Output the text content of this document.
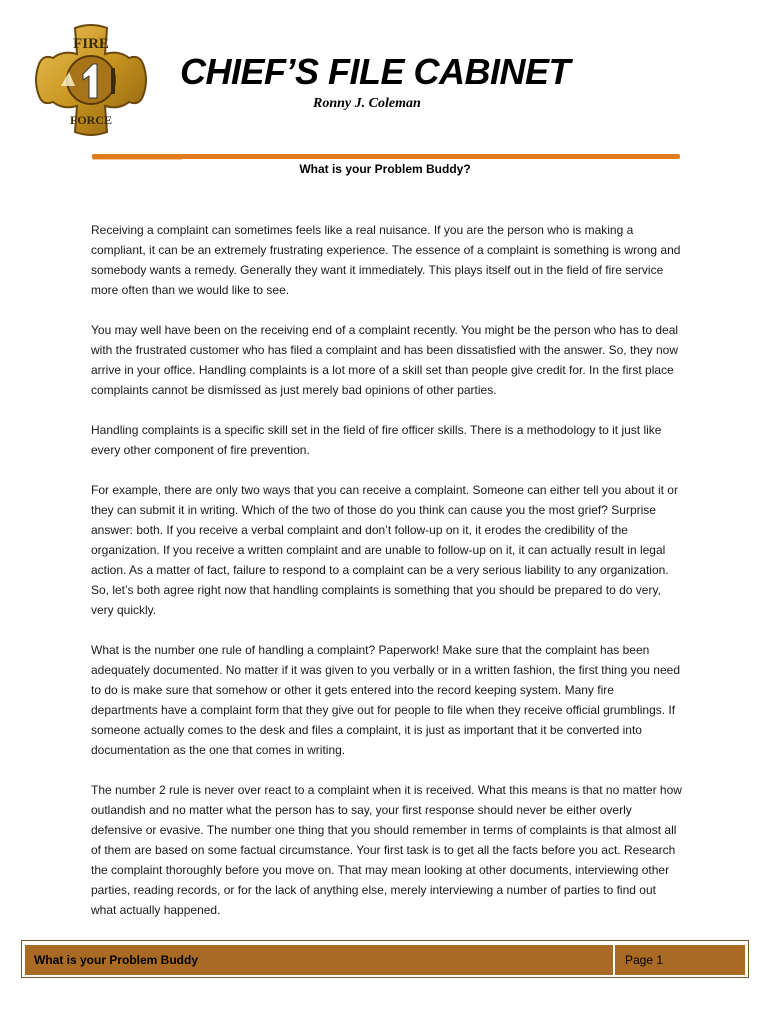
FIRE
FORCE
CHIEF’S FILE CABINET
Ronny J. Coleman
What is your Problem Buddy?

Receiving a complaint can sometimes feels like a real nuisance. If you are the person who is making a compliant, it can be an extremely frustrating experience. The essence of a complaint is something is wrong and somebody wants a remedy. Generally they want it immediately. This plays itself out in the field of fire service more often than we would like to see.

You may well have been on the receiving end of a complaint recently. You might be the person who has to deal with the frustrated customer who has filed a complaint and has been dissatisfied with the answer. So, they now arrive in your office. Handling complaints is a lot more of a skill set than people give credit for. In the first place complaints cannot be dismissed as just merely bad opinions of other parties.

Handling complaints is a specific skill set in the field of fire officer skills. There is a methodology to it just like every other component of fire prevention.

For example, there are only two ways that you can receive a complaint. Someone can either tell you about it or they can submit it in writing. Which of the two of those do you think can cause you the most grief? Surprise answer: both. If you receive a verbal complaint and don’t follow-up on it, it erodes the credibility of the organization. If you receive a written complaint and are unable to follow-up on it, it can actually result in legal action. As a matter of fact, failure to respond to a complaint can be a very serious liability to any organization. So, let’s both agree right now that handling complaints is something that you should be prepared to do very, very quickly.

What is the number one rule of handling a complaint? Paperwork! Make sure that the complaint has been adequately documented. No matter if it was given to you verbally or in a written fashion, the first thing you need to do is make sure that somehow or other it gets entered into the record keeping system. Many fire departments have a complaint form that they give out for people to file when they receive official grumblings. If someone actually comes to the desk and files a complaint, it is just as important that it be converted into documentation as the one that comes in writing.

The number 2 rule is never over react to a complaint when it is received. What this means is that no matter how outlandish and no matter what the person has to say, your first response should never be either overly defensive or evasive. The number one thing that you should remember in terms of complaints is that almost all of them are based on some factual circumstance. Your first task is to get all the facts before you act. Research the complaint thoroughly before you move on. That may mean looking at other documents, interviewing other parties, reading records, or for the lack of anything else, merely interviewing a number of parties to find out what actually happened.

What is your Problem Buddy	Page 1
